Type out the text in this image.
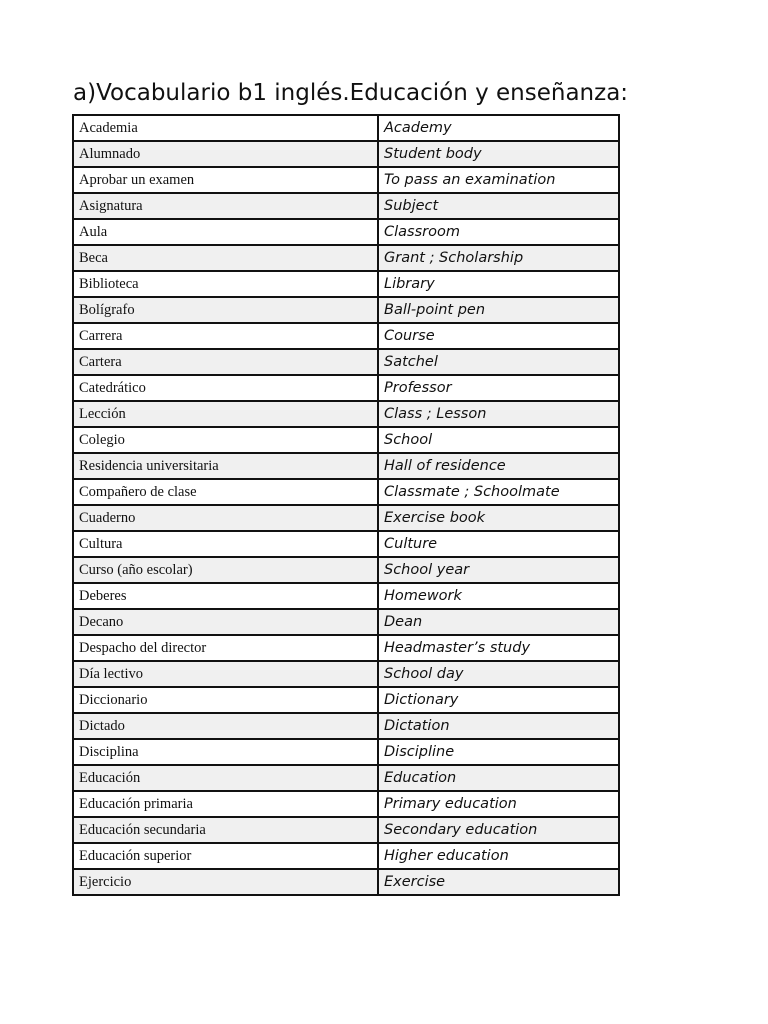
a)Vocabulario b1 inglés.Educación y enseñanza:
Academia	Academy
Alumnado	Student body
Aprobar un examen	To pass an examination
Asignatura	Subject
Aula	Classroom
Beca	Grant ; Scholarship
Biblioteca	Library
Bolígrafo	Ball-point pen
Carrera	Course
Cartera	Satchel
Catedrático	Professor
Lección	Class ; Lesson
Colegio	School
Residencia universitaria	Hall of residence
Compañero de clase	Classmate ; Schoolmate
Cuaderno	Exercise book
Cultura	Culture
Curso (año escolar)	School year
Deberes	Homework
Decano	Dean
Despacho del director	Headmaster’s study
Día lectivo	School day
Diccionario	Dictionary
Dictado	Dictation
Disciplina	Discipline
Educación	Education
Educación primaria	Primary education
Educación secundaria	Secondary education
Educación superior	Higher education
Ejercicio	Exercise
